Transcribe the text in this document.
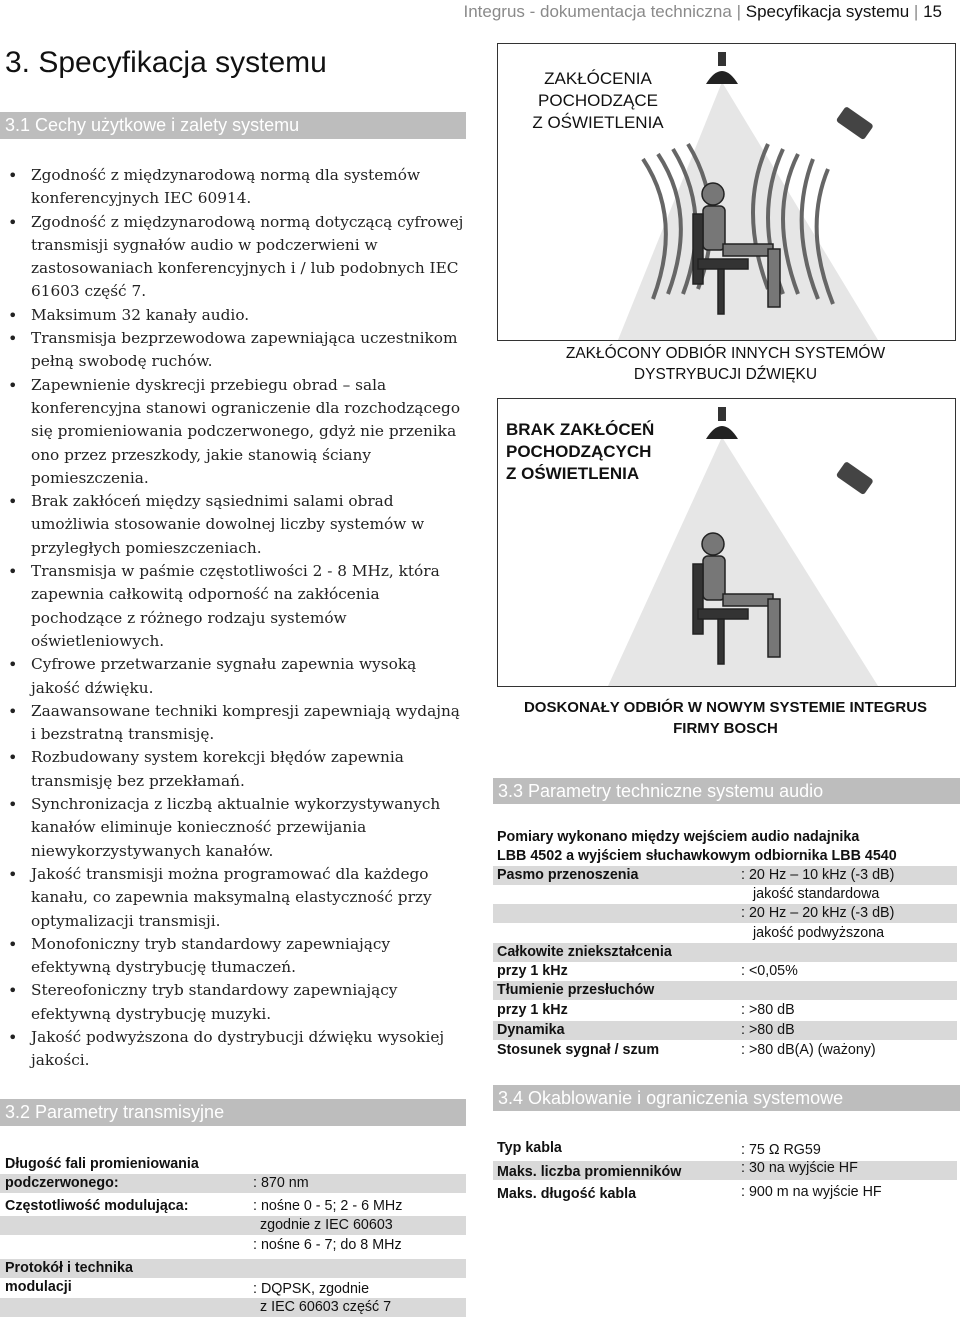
Integrus - dokumentacja techniczna | Specyfikacja systemu | 15
3. Specyfikacja systemu
3.1 Cechy użytkowe i zalety systemu
• Zgodność z międzynarodową normą dla systemów konferencyjnych IEC 60914.
• Zgodność z międzynarodową normą dotyczącą cyfrowej transmisji sygnałów audio w podczerwieni w zastosowaniach konferencyjnych i / lub podobnych IEC 61603 część 7.
• Maksimum 32 kanały audio.
• Transmisja bezprzewodowa zapewniająca uczestnikom pełną swobodę ruchów.
• Zapewnienie dyskrecji przebiegu obrad – sala konferencyjna stanowi ograniczenie dla rozchodzącego się promieniowania podczerwonego, gdyż nie przenika ono przez przeszkody, jakie stanowią ściany pomieszczenia.
• Brak zakłóceń między sąsiednimi salami obrad umożliwia stosowanie dowolnej liczby systemów w przyległych pomieszczeniach.
• Transmisja w paśmie częstotliwości 2 - 8 MHz, która zapewnia całkowitą odporność na zakłócenia pochodzące z różnego rodzaju systemów oświetleniowych.
• Cyfrowe przetwarzanie sygnału zapewnia wysoką jakość dźwięku.
• Zaawansowane techniki kompresji zapewniają wydajną i bezstratną transmisję.
• Rozbudowany system korekcji błędów zapewnia transmisję bez przekłamań.
• Synchronizacja z liczbą aktualnie wykorzystywanych kanałów eliminuje konieczność przewijania niewykorzystywanych kanałów.
• Jakość transmisji można programować dla każdego kanału, co zapewnia maksymalną elastyczność przy optymalizacji transmisji.
• Monofoniczny tryb standardowy zapewniający efektywną dystrybucję tłumaczeń.
• Stereofoniczny tryb standardowy zapewniający efektywną dystrybucję muzyki.
• Jakość podwyższona do dystrybucji dźwięku wysokiej jakości.
3.2 Parametry transmisyjne
Długość fali promieniowania
podczerwonego:	: 870 nm
Częstotliwość modulująca:	: nośne 0 - 5; 2 - 6 MHz
zgodnie z IEC 60603
: nośne 6 - 7; do 8 MHz
Protokół i technika
modulacji	: DQPSK, zgodnie
z IEC 60603 część 7
ZAKŁÓCENIA
POCHODZĄCE
Z OŚWIETLENIA
ZAKŁÓCONY ODBIÓR INNYCH SYSTEMÓW
DYSTRYBUCJI DŹWIĘKU
BRAK ZAKŁÓCEŃ
POCHODZĄCYCH
Z OŚWIETLENIA
DOSKONAŁY ODBIÓR W NOWYM SYSTEMIE INTEGRUS
FIRMY BOSCH
3.3 Parametry techniczne systemu audio
Pomiary wykonano między wejściem audio nadajnika
LBB 4502 a wyjściem słuchawkowym odbiornika LBB 4540
Pasmo przenoszenia	: 20 Hz – 10 kHz (-3 dB)
jakość standardowa
: 20 Hz – 20 kHz (-3 dB)
jakość podwyższona
Całkowite zniekształcenia
przy 1 kHz	: <0,05%
Tłumienie przesłuchów
przy 1 kHz	: >80 dB
Dynamika	: >80 dB
Stosunek sygnał / szum	: >80 dB(A) (ważony)
3.4 Okablowanie i ograniczenia systemowe
Typ kabla	: 75 Ω RG59
Maks. liczba promienników	: 30 na wyjście HF
Maks. długość kabla	: 900 m na wyjście HF
